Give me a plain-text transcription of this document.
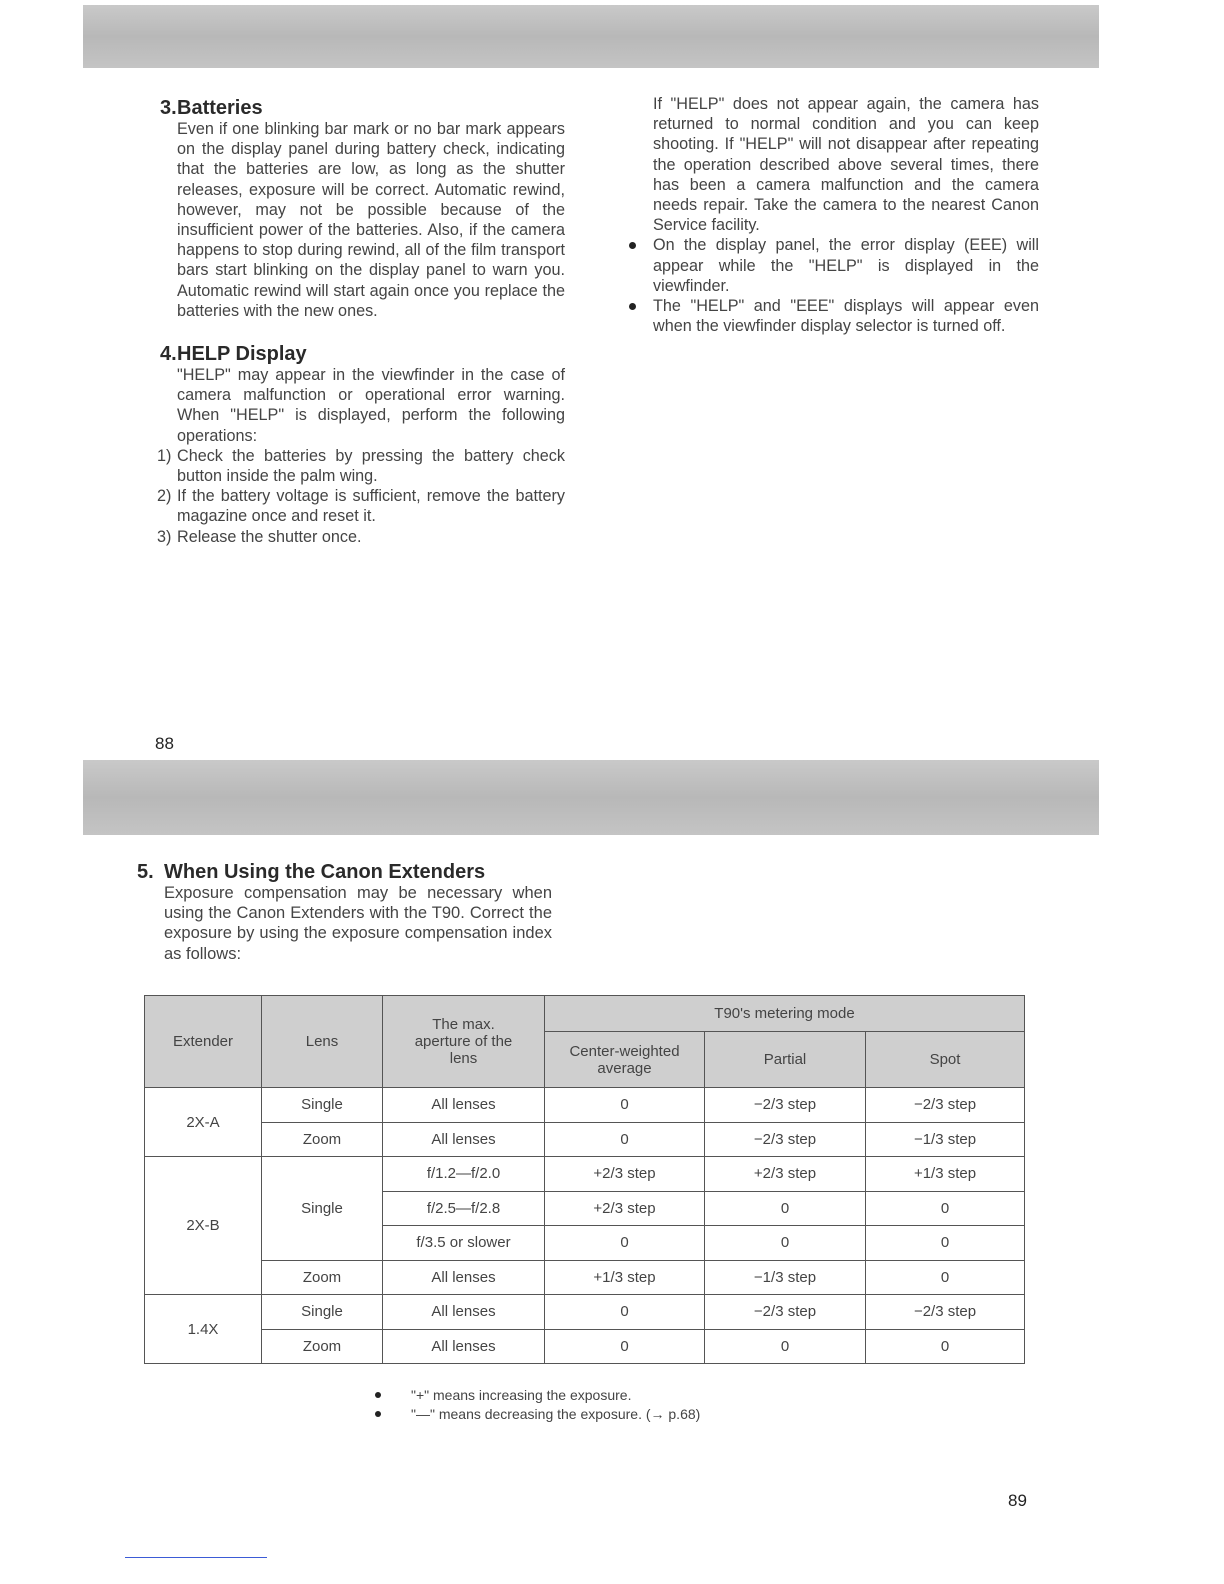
3.Batteries

Even if one blinking bar mark or no bar mark appears on the display panel during battery check, indicating that the batteries are low, as long as the shutter releases, exposure will be correct. Automatic rewind, however, may not be possible because of the insufficient power of the batteries. Also, if the camera happens to stop during rewind, all of the film transport bars start blinking on the display panel to warn you. Automatic rewind will start again once you replace the batteries with the new ones.

4.HELP Display

"HELP" may appear in the viewfinder in the case of camera malfunction or operational error warning. When "HELP" is displayed, perform the following operations:

1) Check the batteries by pressing the battery check button inside the palm wing.
2) If the battery voltage is sufficient, remove the battery magazine once and reset it.
3) Release the shutter once.

If "HELP" does not appear again, the camera has returned to normal condition and you can keep shooting. If "HELP" will not disappear after repeating the operation described above several times, there has been a camera malfunction and the camera needs repair. Take the camera to the nearest Canon Service facility.

On the display panel, the error display (EEE) will appear while the "HELP" is displayed in the viewfinder.
The "HELP" and "EEE" displays will appear even when the viewfinder display selector is turned off.
88
5. When Using the Canon Extenders

Exposure compensation may be necessary when using the Canon Extenders with the T90. Correct the exposure by using the exposure compensation index as follows:

Extender	Lens	The max. aperture of the lens	T90's metering mode		
			Center-weighted average	Partial	Spot
2X-A	Single	All lenses	0	−2/3 step	−2/3 step
	Zoom	All lenses	0	−2/3 step	−1/3 step
2X-B	Single	f/1.2—f/2.0	+2/3 step	+2/3 step	+1/3 step
		f/2.5—f/2.8	+2/3 step	0	0
		f/3.5 or slower	0	0	0
	Zoom	All lenses	+1/3 step	−1/3 step	0
1.4X	Single	All lenses	0	−2/3 step	−2/3 step
	Zoom	All lenses	0	0	0
"+" means increasing the exposure.
"—" means decreasing the exposure. (→ p.68)
89
